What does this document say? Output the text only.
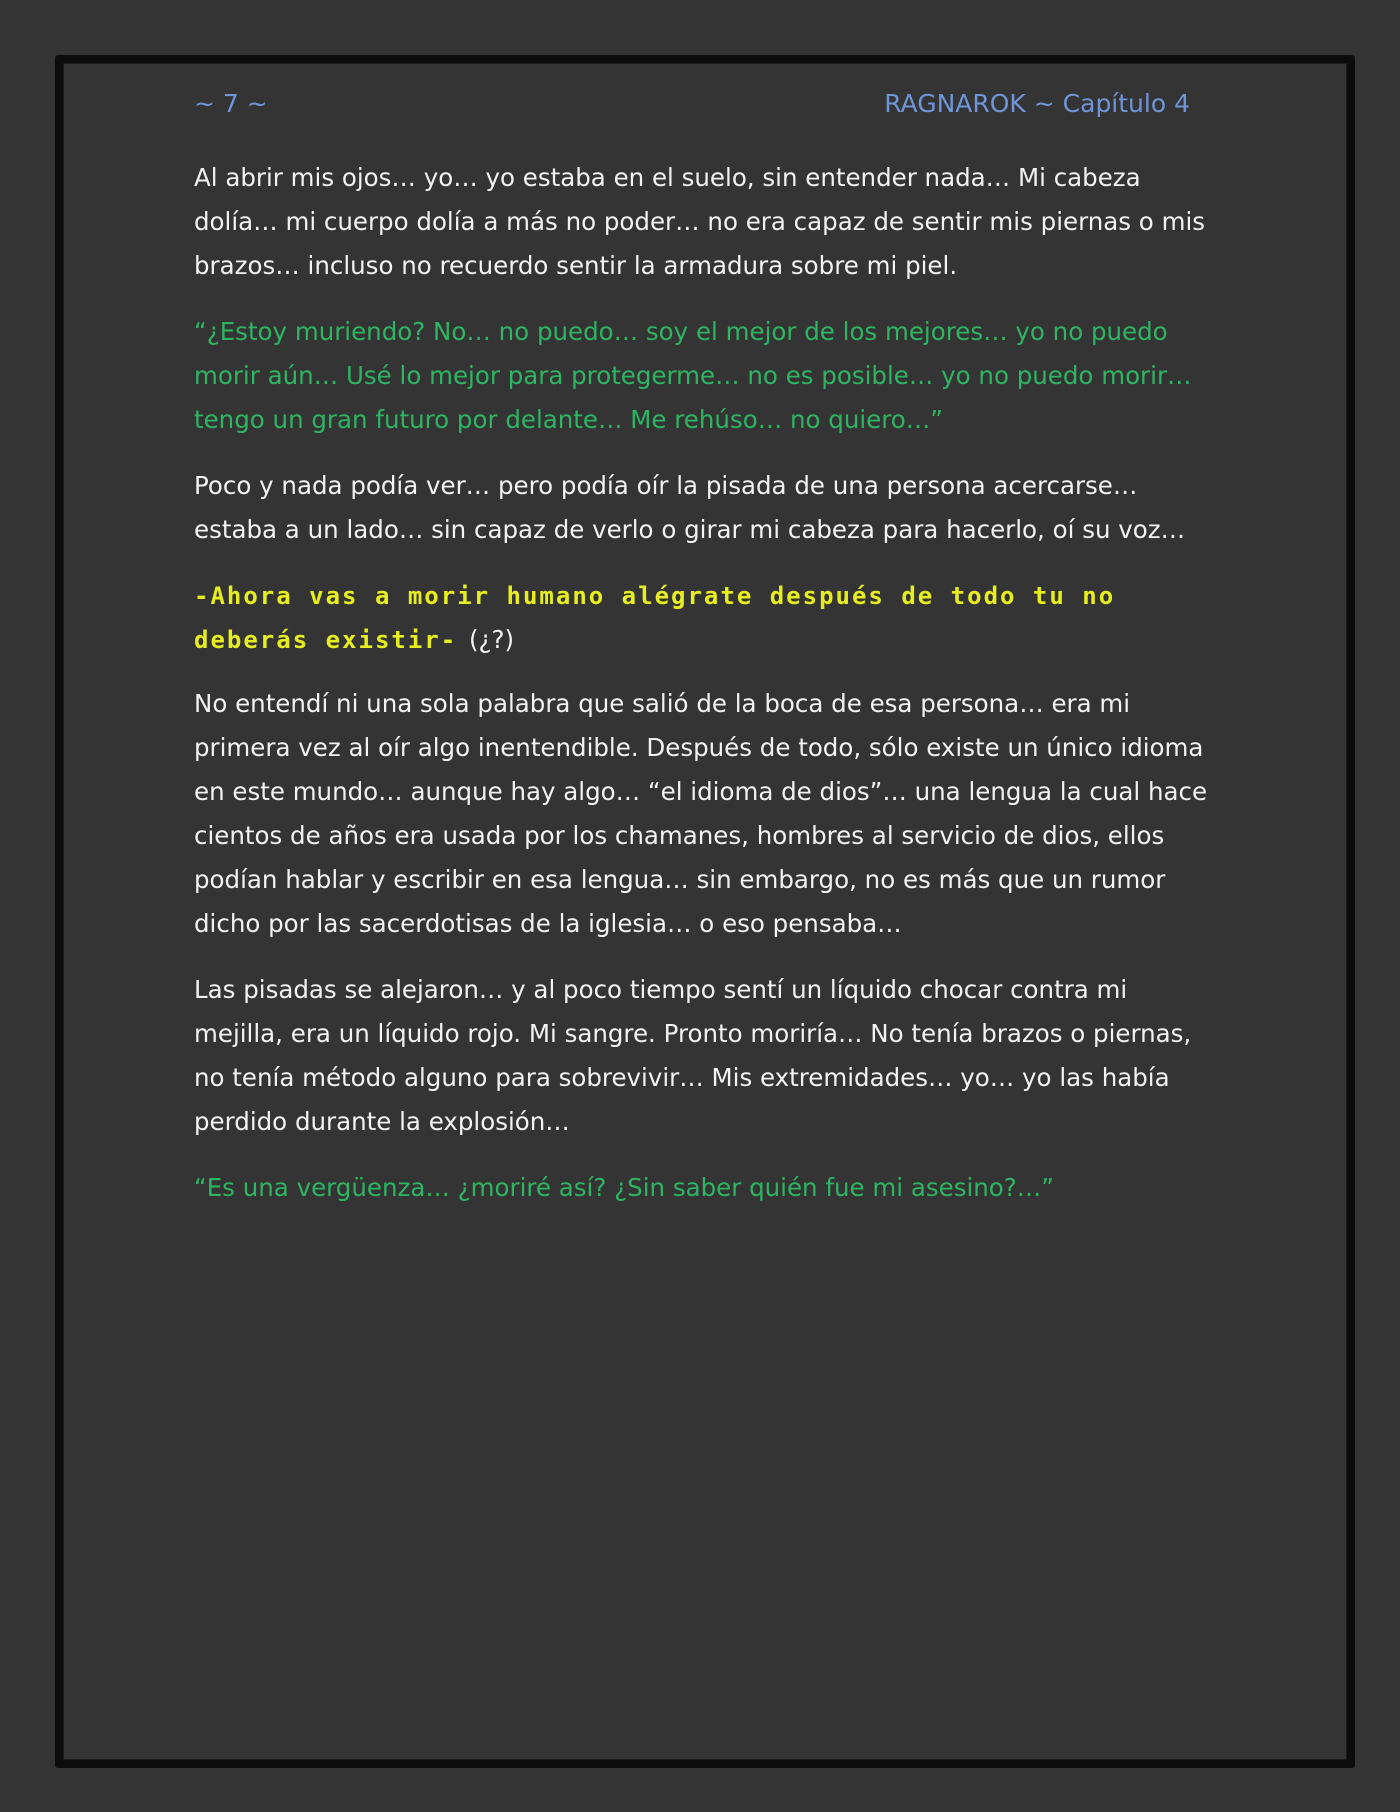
~ 7 ~	RAGNAROK ~ Capítulo 4

Al abrir mis ojos… yo… yo estaba en el suelo, sin entender nada… Mi cabeza dolía… mi cuerpo dolía a más no poder… no era capaz de sentir mis piernas o mis brazos… incluso no recuerdo sentir la armadura sobre mi piel.

“¿Estoy muriendo? No… no puedo… soy el mejor de los mejores… yo no puedo morir aún… Usé lo mejor para protegerme… no es posible… yo no puedo morir… tengo un gran futuro por delante… Me rehúso… no quiero…”

Poco y nada podía ver… pero podía oír la pisada de una persona acercarse… estaba a un lado… sin capaz de verlo o girar mi cabeza para hacerlo, oí su voz…

-Ahora vas a morir humano alégrate después de todo tu no deberás existir- (¿?)

No entendí ni una sola palabra que salió de la boca de esa persona… era mi primera vez al oír algo inentendible. Después de todo, sólo existe un único idioma en este mundo… aunque hay algo… “el idioma de dios”… una lengua la cual hace cientos de años era usada por los chamanes, hombres al servicio de dios, ellos podían hablar y escribir en esa lengua… sin embargo, no es más que un rumor dicho por las sacerdotisas de la iglesia… o eso pensaba…

Las pisadas se alejaron… y al poco tiempo sentí un líquido chocar contra mi mejilla, era un líquido rojo. Mi sangre. Pronto moriría… No tenía brazos o piernas, no tenía método alguno para sobrevivir… Mis extremidades… yo… yo las había perdido durante la explosión…

“Es una vergüenza… ¿moriré así? ¿Sin saber quién fue mi asesino?…”
